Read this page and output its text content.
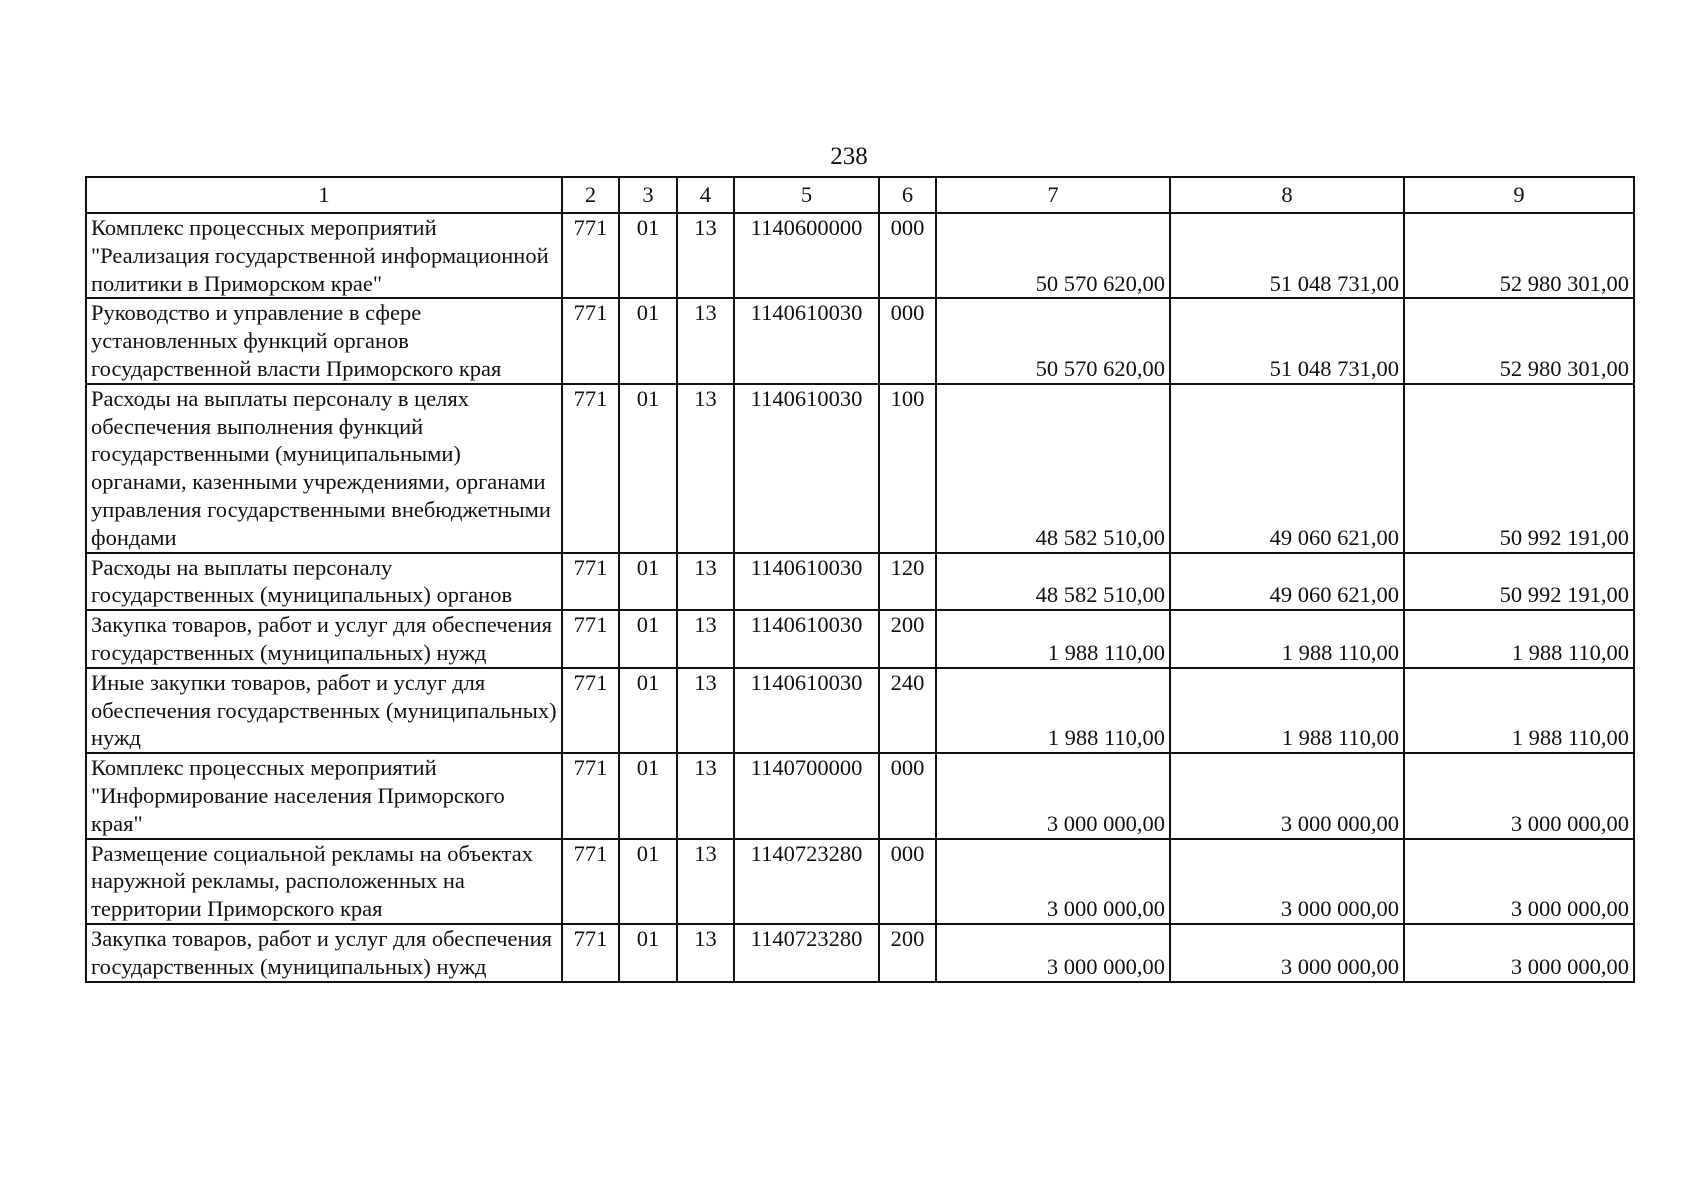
238
1	2	3	4	5	6	7	8	9
Комплекс процессных мероприятий "Реализация государственной информационной политики в Приморском крае"	771	01	13	1140600000	000	50 570 620,00	51 048 731,00	52 980 301,00
Руководство и управление в сфере установленных функций органов государственной власти Приморского края	771	01	13	1140610030	000	50 570 620,00	51 048 731,00	52 980 301,00
Расходы на выплаты персоналу в целях обеспечения выполнения функций государственными (муниципальными) органами, казенными учреждениями, органами управления государственными внебюджетными фондами	771	01	13	1140610030	100	48 582 510,00	49 060 621,00	50 992 191,00
Расходы на выплаты персоналу государственных (муниципальных) органов	771	01	13	1140610030	120	48 582 510,00	49 060 621,00	50 992 191,00
Закупка товаров, работ и услуг для обеспечения государственных (муниципальных) нужд	771	01	13	1140610030	200	1 988 110,00	1 988 110,00	1 988 110,00
Иные закупки товаров, работ и услуг для обеспечения государственных (муниципальных) нужд	771	01	13	1140610030	240	1 988 110,00	1 988 110,00	1 988 110,00
Комплекс процессных мероприятий "Информирование населения Приморского края"	771	01	13	1140700000	000	3 000 000,00	3 000 000,00	3 000 000,00
Размещение социальной рекламы на объектах наружной рекламы, расположенных на территории Приморского края	771	01	13	1140723280	000	3 000 000,00	3 000 000,00	3 000 000,00
Закупка товаров, работ и услуг для обеспечения государственных (муниципальных) нужд	771	01	13	1140723280	200	3 000 000,00	3 000 000,00	3 000 000,00
